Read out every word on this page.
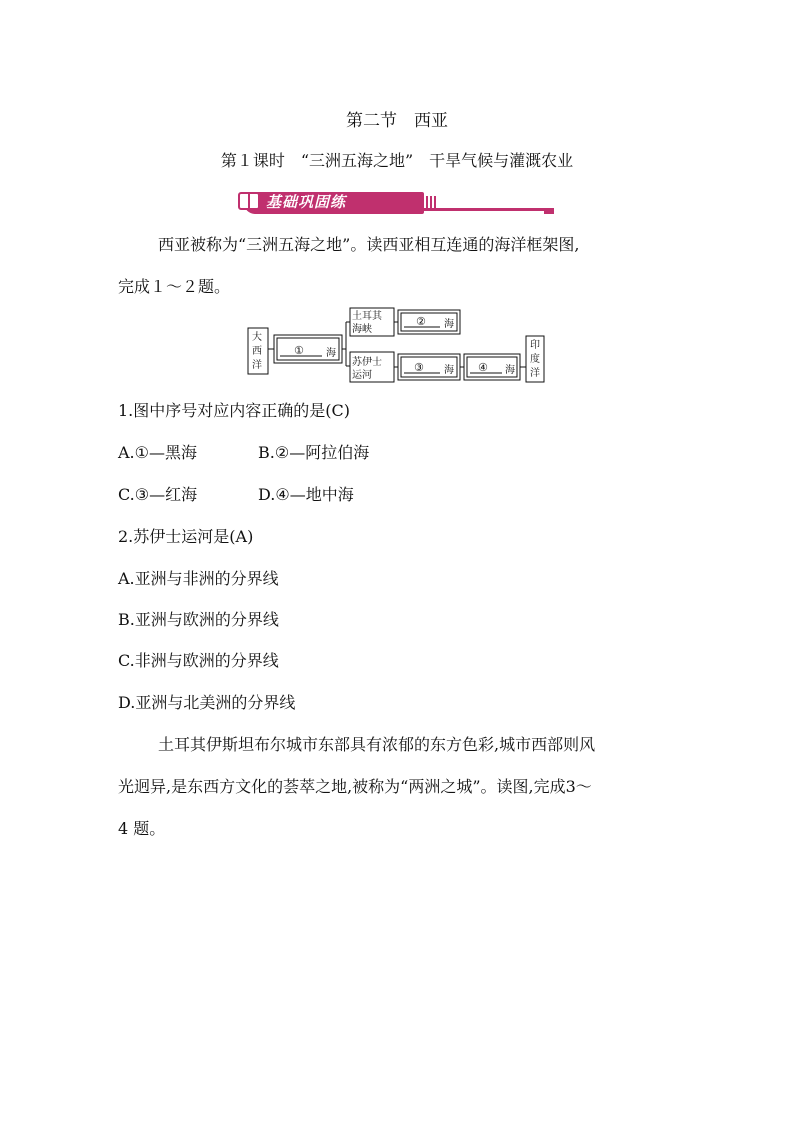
第二节　西亚
第１课时　“三洲五海之地”　干旱气候与灌溉农业
基础巩固练
西亚被称为“三洲五海之地”。读西亚相互连通的海洋框架图,
完成１～２题。
大
西
洋
① 海
土耳其
海峡
② 海
苏伊士
运河
③ 海 ④ 海
印
度
洋
1.图中序号对应内容正确的是(C)
A.①—黑海	B.②—阿拉伯海
C.③—红海	D.④—地中海
2.苏伊士运河是(A)
A.亚洲与非洲的分界线
B.亚洲与欧洲的分界线
C.非洲与欧洲的分界线
D.亚洲与北美洲的分界线
土耳其伊斯坦布尔城市东部具有浓郁的东方色彩,城市西部则风
光迥异,是东西方文化的荟萃之地,被称为“两洲之城”。读图,完成3～
4 题。
